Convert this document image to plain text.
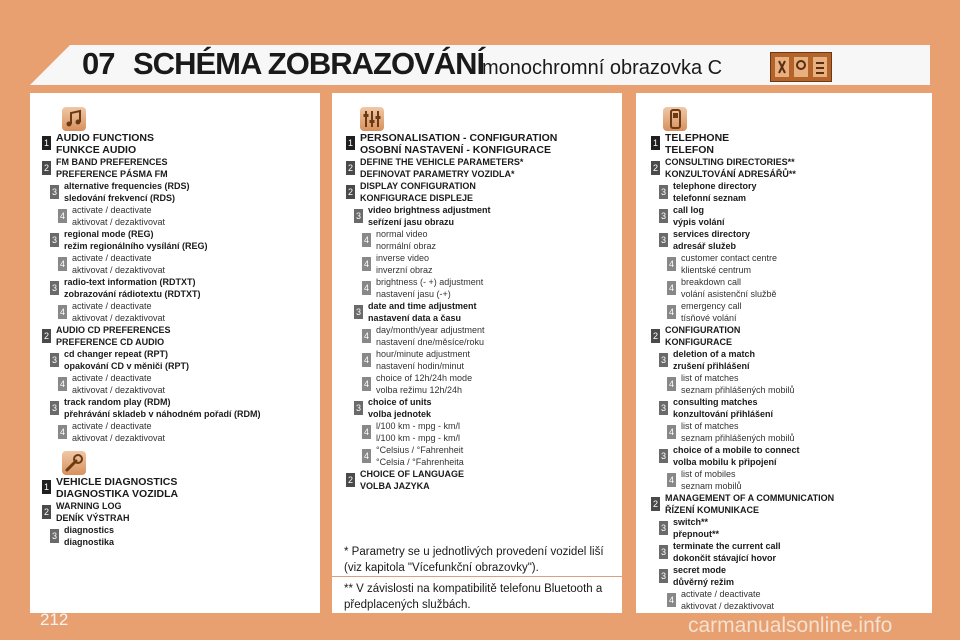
07 SCHÉMA ZOBRAZOVÁNÍ
monochromní obrazovka C
1 AUDIO FUNCTIONS
FUNKCE AUDIO
2
FM BAND PREFERENCES
PREFERENCE PÁSMA FM
3
alternative frequencies (RDS)
sledování frekvencí (RDS)
4
activate / deactivate
aktivovat / dezaktivovat
3
regional mode (REG)
režim regionálního vysílání (REG)
4
activate / deactivate
aktivovat / dezaktivovat
3
radio-text information (RDTXT)
zobrazování rádiotextu (RDTXT)
4
activate / deactivate
aktivovat / dezaktivovat
2
AUDIO CD PREFERENCES
PREFERENCE CD AUDIO
3
cd changer repeat (RPT)
opakování CD v měniči (RPT)
4
activate / deactivate
aktivovat / dezaktivovat
3
track random play (RDM)
přehrávání skladeb v náhodném pořadí (RDM)
4
activate / deactivate
aktivovat / dezaktivovat
1 VEHICLE DIAGNOSTICS
DIAGNOSTIKA VOZIDLA
2
WARNING LOG
DENÍK VÝSTRAH
3
diagnostics
diagnostika
1 PERSONALISATION - CONFIGURATION
OSOBNÍ NASTAVENÍ - KONFIGURACE
2
DEFINE THE VEHICLE PARAMETERS*
DEFINOVAT PARAMETRY VOZIDLA*
2
DISPLAY CONFIGURATION
KONFIGURACE DISPLEJE
3
video brightness adjustment
seřízení jasu obrazu
4
normal video
normální obraz
4
inverse video
inverzní obraz
4
brightness (- +) adjustment
nastavení jasu (-+)
3
date and time adjustment
nastavení data a času
4
day/month/year adjustment
nastavení dne/měsíce/roku
4
hour/minute adjustment
nastavení hodin/minut
4
choice of 12h/24h mode
volba režimu 12h/24h
3
choice of units
volba jednotek
4
l/100 km - mpg - km/l
l/100 km - mpg - km/l
4
°Celsius / °Fahrenheit
°Celsia / °Fahrenheita
2
CHOICE OF LANGUAGE
VOLBA JAZYKA
1 TELEPHONE
TELEFON
2
CONSULTING DIRECTORIES**
KONZULTOVÁNÍ ADRESÁŘŮ**
3
telephone directory
telefonní seznam
3
call log
výpis volání
3
services directory
adresář služeb
4
customer contact centre
klientské centrum
4
breakdown call
volání asistenční službě
4
emergency call
tísňové volání
2
CONFIGURATION
KONFIGURACE
3
deletion of a match
zrušení přihlášení
4
list of matches
seznam přihlášených mobilů
3
consulting matches
konzultování přihlášení
4
list of matches
seznam přihlášených mobilů
3
choice of a mobile to connect
volba mobilu k připojení
4
list of mobiles
seznam mobilů
2
MANAGEMENT OF A COMMUNICATION
ŘÍZENÍ KOMUNIKACE
3
switch**
přepnout**
3
terminate the current call
dokončit stávající hovor
3
secret mode
důvěrný režim
4
activate / deactivate
aktivovat / dezaktivovat
* Parametry se u jednotlivých provedení vozidel liší
(viz kapitola "Vícefunkční obrazovky").
** V závislosti na kompatibilitě telefonu Bluetooth a
předplacených službách.
212	carmanualsonline.info
